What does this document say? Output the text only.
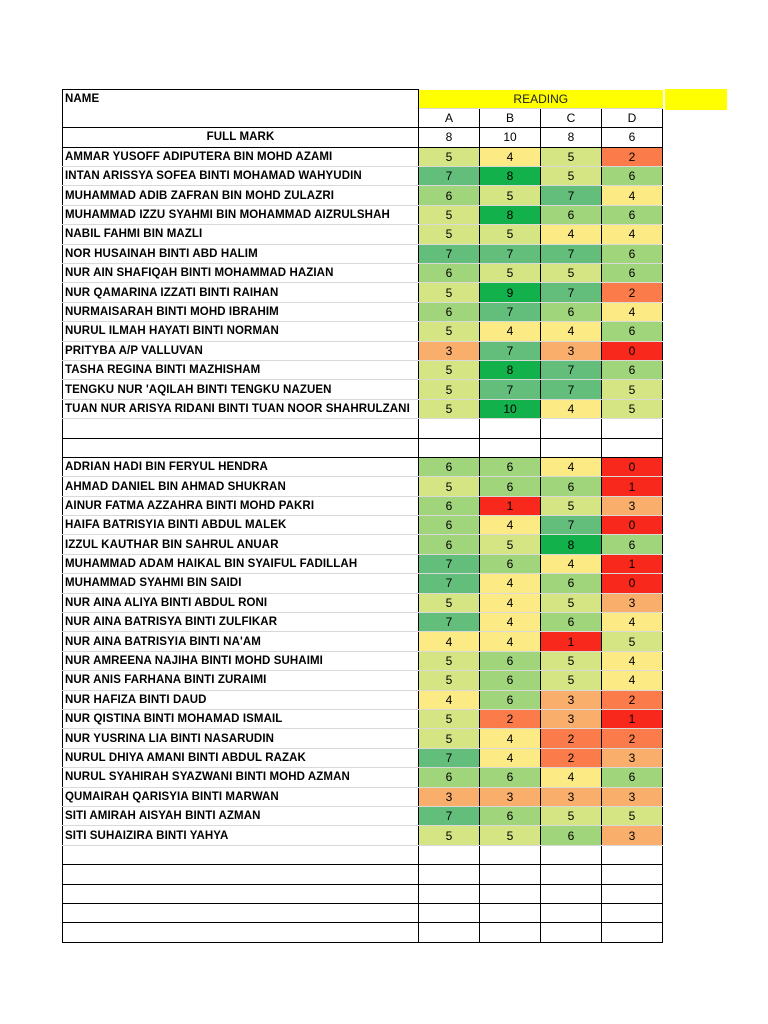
NAME	READING			
	A	B	C	D
FULL MARK	8	10	8	6
AMMAR YUSOFF ADIPUTERA BIN MOHD AZAMI	5	4	5	2
INTAN ARISSYA SOFEA BINTI MOHAMAD WAHYUDIN	7	8	5	6
MUHAMMAD ADIB ZAFRAN BIN MOHD ZULAZRI	6	5	7	4
MUHAMMAD IZZU SYAHMI BIN MOHAMMAD AIZRULSHAH	5	8	6	6
NABIL FAHMI BIN MAZLI	5	5	4	4
NOR HUSAINAH BINTI ABD HALIM	7	7	7	6
NUR AIN SHAFIQAH BINTI MOHAMMAD HAZIAN	6	5	5	6
NUR QAMARINA IZZATI BINTI RAIHAN	5	9	7	2
NURMAISARAH BINTI MOHD IBRAHIM	6	7	6	4
NURUL ILMAH HAYATI BINTI NORMAN	5	4	4	6
PRITYBA A/P VALLUVAN	3	7	3	0
TASHA REGINA BINTI MAZHISHAM	5	8	7	6
TENGKU NUR 'AQILAH BINTI TENGKU NAZUEN	5	7	7	5
TUAN NUR ARISYA RIDANI BINTI TUAN NOOR SHAHRULZANI	5	10	4	5

ADRIAN HADI BIN FERYUL HENDRA	6	6	4	0
AHMAD DANIEL BIN AHMAD SHUKRAN	5	6	6	1
AINUR FATMA AZZAHRA BINTI MOHD PAKRI	6	1	5	3
HAIFA BATRISYIA BINTI ABDUL MALEK	6	4	7	0
IZZUL KAUTHAR BIN SAHRUL ANUAR	6	5	8	6
MUHAMMAD ADAM HAIKAL BIN SYAIFUL FADILLAH	7	6	4	1
MUHAMMAD SYAHMI BIN SAIDI	7	4	6	0
NUR AINA ALIYA BINTI ABDUL RONI	5	4	5	3
NUR AINA BATRISYA BINTI ZULFIKAR	7	4	6	4
NUR AINA BATRISYIA BINTI NA'AM	4	4	1	5
NUR AMREENA NAJIHA BINTI MOHD SUHAIMI	5	6	5	4
NUR ANIS FARHANA BINTI ZURAIMI	5	6	5	4
NUR HAFIZA BINTI DAUD	4	6	3	2
NUR QISTINA BINTI MOHAMAD ISMAIL	5	2	3	1
NUR YUSRINA LIA BINTI NASARUDIN	5	4	2	2
NURUL DHIYA AMANI BINTI ABDUL RAZAK	7	4	2	3
NURUL SYAHIRAH SYAZWANI BINTI MOHD AZMAN	6	6	4	6
QUMAIRAH QARISYIA BINTI MARWAN	3	3	3	3
SITI AMIRAH AISYAH BINTI AZMAN	7	6	5	5
SITI SUHAIZIRA BINTI YAHYA	5	5	6	3
